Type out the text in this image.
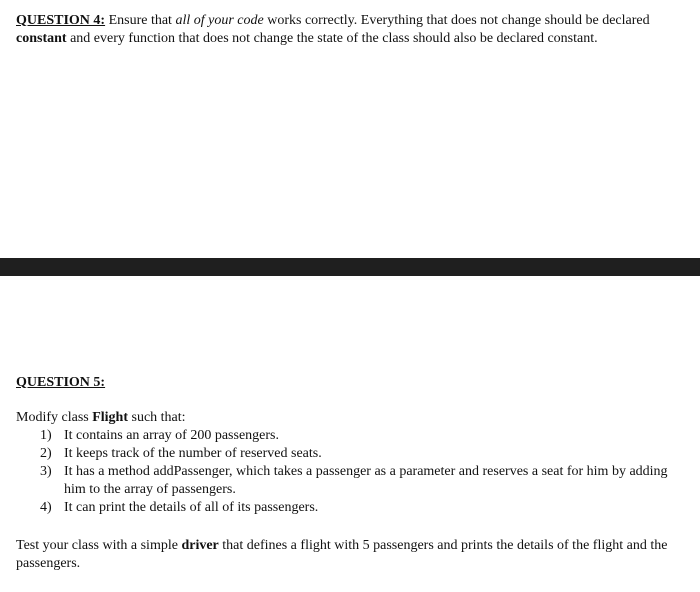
QUESTION 4: Ensure that all of your code works correctly. Everything that does not change should be declared constant and every function that does not change the state of the class should also be declared constant.
QUESTION 5:
Modify class Flight such that:
1) It contains an array of 200 passengers.
2) It keeps track of the number of reserved seats.
3) It has a method addPassenger, which takes a passenger as a parameter and reserves a seat for him by adding him to the array of passengers.
4) It can print the details of all of its passengers.
Test your class with a simple driver that defines a flight with 5 passengers and prints the details of the flight and the passengers.
